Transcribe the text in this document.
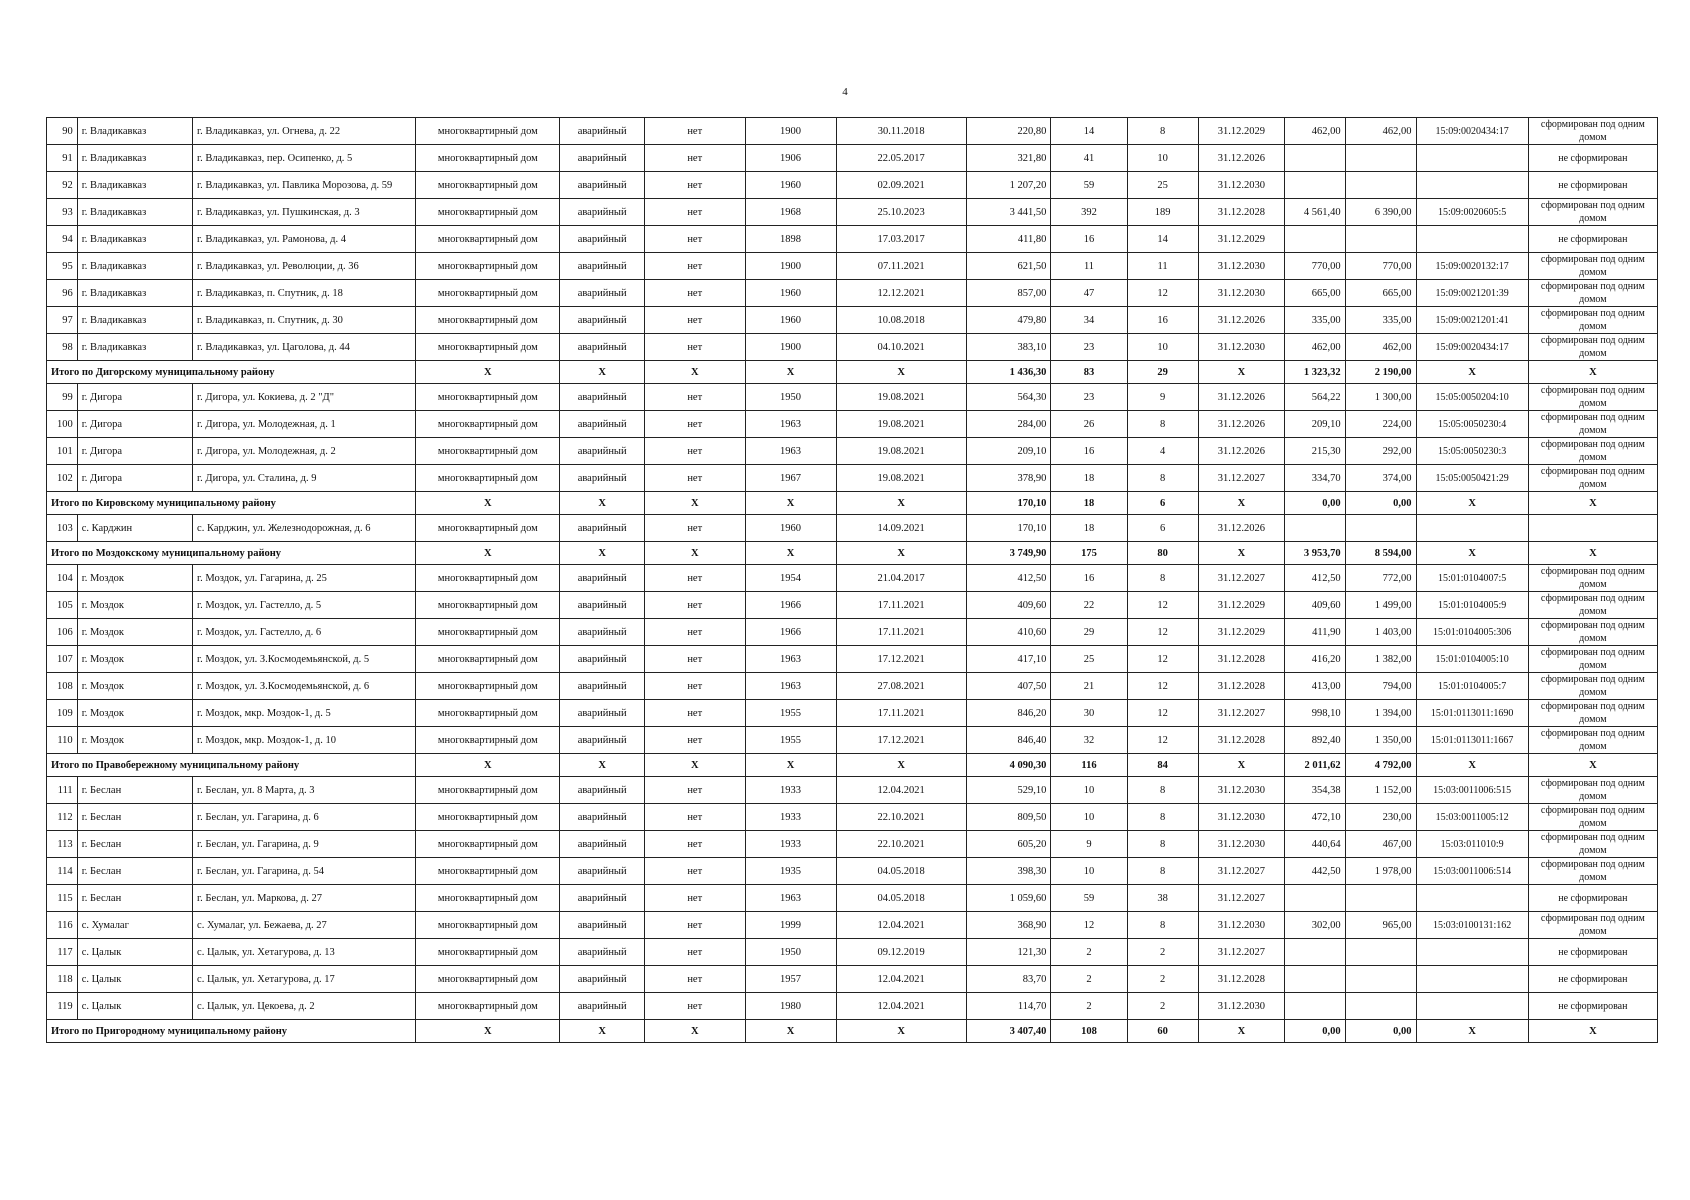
4
90	г. Владикавказ	г. Владикавказ, ул. Огнева, д. 22	многоквартирный дом	аварийный	нет	1900	30.11.2018	220,80	14	8	31.12.2029	462,00	462,00	15:09:0020434:17	сформирован под одним домом
91	г. Владикавказ	г. Владикавказ, пер. Осипенко, д. 5	многоквартирный дом	аварийный	нет	1906	22.05.2017	321,80	41	10	31.12.2026				не сформирован
92	г. Владикавказ	г. Владикавказ, ул. Павлика Морозова, д. 59	многоквартирный дом	аварийный	нет	1960	02.09.2021	1 207,20	59	25	31.12.2030				не сформирован
93	г. Владикавказ	г. Владикавказ, ул. Пушкинская, д. 3	многоквартирный дом	аварийный	нет	1968	25.10.2023	3 441,50	392	189	31.12.2028	4 561,40	6 390,00	15:09:0020605:5	сформирован под одним домом
94	г. Владикавказ	г. Владикавказ, ул. Рамонова, д. 4	многоквартирный дом	аварийный	нет	1898	17.03.2017	411,80	16	14	31.12.2029				не сформирован
95	г. Владикавказ	г. Владикавказ, ул. Революции, д. 36	многоквартирный дом	аварийный	нет	1900	07.11.2021	621,50	11	11	31.12.2030	770,00	770,00	15:09:0020132:17	сформирован под одним домом
96	г. Владикавказ	г. Владикавказ, п. Спутник, д. 18	многоквартирный дом	аварийный	нет	1960	12.12.2021	857,00	47	12	31.12.2030	665,00	665,00	15:09:0021201:39	сформирован под одним домом
97	г. Владикавказ	г. Владикавказ, п. Спутник, д. 30	многоквартирный дом	аварийный	нет	1960	10.08.2018	479,80	34	16	31.12.2026	335,00	335,00	15:09:0021201:41	сформирован под одним домом
98	г. Владикавказ	г. Владикавказ, ул. Цаголова, д. 44	многоквартирный дом	аварийный	нет	1900	04.10.2021	383,10	23	10	31.12.2030	462,00	462,00	15:09:0020434:17	сформирован под одним домом
Итого по Дигорскому муниципальному району			X	X	X	X	X	1 436,30	83	29	X	1 323,32	2 190,00	X	X
99	г. Дигора	г. Дигора, ул. Кокиева, д. 2 "Д"	многоквартирный дом	аварийный	нет	1950	19.08.2021	564,30	23	9	31.12.2026	564,22	1 300,00	15:05:0050204:10	сформирован под одним домом
100	г. Дигора	г. Дигора, ул. Молодежная, д. 1	многоквартирный дом	аварийный	нет	1963	19.08.2021	284,00	26	8	31.12.2026	209,10	224,00	15:05:0050230:4	сформирован под одним домом
101	г. Дигора	г. Дигора, ул. Молодежная, д. 2	многоквартирный дом	аварийный	нет	1963	19.08.2021	209,10	16	4	31.12.2026	215,30	292,00	15:05:0050230:3	сформирован под одним домом
102	г. Дигора	г. Дигора, ул. Сталина, д. 9	многоквартирный дом	аварийный	нет	1967	19.08.2021	378,90	18	8	31.12.2027	334,70	374,00	15:05:0050421:29	сформирован под одним домом
Итого по Кировскому муниципальному району			X	X	X	X	X	170,10	18	6	X	0,00	0,00	X	X
103	с. Карджин	с. Карджин, ул. Железнодорожная, д. 6	многоквартирный дом	аварийный	нет	1960	14.09.2021	170,10	18	6	31.12.2026				
Итого по Моздокскому муниципальному району			X	X	X	X	X	3 749,90	175	80	X	3 953,70	8 594,00	X	X
104	г. Моздок	г. Моздок, ул. Гагарина, д. 25	многоквартирный дом	аварийный	нет	1954	21.04.2017	412,50	16	8	31.12.2027	412,50	772,00	15:01:0104007:5	сформирован под одним домом
105	г. Моздок	г. Моздок, ул. Гастелло, д. 5	многоквартирный дом	аварийный	нет	1966	17.11.2021	409,60	22	12	31.12.2029	409,60	1 499,00	15:01:0104005:9	сформирован под одним домом
106	г. Моздок	г. Моздок, ул. Гастелло, д. 6	многоквартирный дом	аварийный	нет	1966	17.11.2021	410,60	29	12	31.12.2029	411,90	1 403,00	15:01:0104005:306	сформирован под одним домом
107	г. Моздок	г. Моздок, ул. З.Космодемьянской, д. 5	многоквартирный дом	аварийный	нет	1963	17.12.2021	417,10	25	12	31.12.2028	416,20	1 382,00	15:01:0104005:10	сформирован под одним домом
108	г. Моздок	г. Моздок, ул. З.Космодемьянской, д. 6	многоквартирный дом	аварийный	нет	1963	27.08.2021	407,50	21	12	31.12.2028	413,00	794,00	15:01:0104005:7	сформирован под одним домом
109	г. Моздок	г. Моздок, мкр. Моздок-1, д. 5	многоквартирный дом	аварийный	нет	1955	17.11.2021	846,20	30	12	31.12.2027	998,10	1 394,00	15:01:0113011:1690	сформирован под одним домом
110	г. Моздок	г. Моздок, мкр. Моздок-1, д. 10	многоквартирный дом	аварийный	нет	1955	17.12.2021	846,40	32	12	31.12.2028	892,40	1 350,00	15:01:0113011:1667	сформирован под одним домом
Итого по Правобережному муниципальному району			X	X	X	X	X	4 090,30	116	84	X	2 011,62	4 792,00	X	X
111	г. Беслан	г. Беслан, ул. 8 Марта, д. 3	многоквартирный дом	аварийный	нет	1933	12.04.2021	529,10	10	8	31.12.2030	354,38	1 152,00	15:03:0011006:515	сформирован под одним домом
112	г. Беслан	г. Беслан, ул. Гагарина, д. 6	многоквартирный дом	аварийный	нет	1933	22.10.2021	809,50	10	8	31.12.2030	472,10	230,00	15:03:0011005:12	сформирован под одним домом
113	г. Беслан	г. Беслан, ул. Гагарина, д. 9	многоквартирный дом	аварийный	нет	1933	22.10.2021	605,20	9	8	31.12.2030	440,64	467,00	15:03:011010:9	сформирован под одним домом
114	г. Беслан	г. Беслан, ул. Гагарина, д. 54	многоквартирный дом	аварийный	нет	1935	04.05.2018	398,30	10	8	31.12.2027	442,50	1 978,00	15:03:0011006:514	сформирован под одним домом
115	г. Беслан	г. Беслан, ул. Маркова, д. 27	многоквартирный дом	аварийный	нет	1963	04.05.2018	1 059,60	59	38	31.12.2027				не сформирован
116	с. Хумалаг	с. Хумалаг, ул. Бежаева, д. 27	многоквартирный дом	аварийный	нет	1999	12.04.2021	368,90	12	8	31.12.2030	302,00	965,00	15:03:0100131:162	сформирован под одним домом
117	с. Цалык	с. Цалык, ул. Хетагурова, д. 13	многоквартирный дом	аварийный	нет	1950	09.12.2019	121,30	2	2	31.12.2027				не сформирован
118	с. Цалык	с. Цалык, ул. Хетагурова, д. 17	многоквартирный дом	аварийный	нет	1957	12.04.2021	83,70	2	2	31.12.2028				не сформирован
119	с. Цалык	с. Цалык, ул. Цекоева, д. 2	многоквартирный дом	аварийный	нет	1980	12.04.2021	114,70	2	2	31.12.2030				не сформирован
Итого по Пригородному муниципальному району			X	X	X	X	X	3 407,40	108	60	X	0,00	0,00	X	X
